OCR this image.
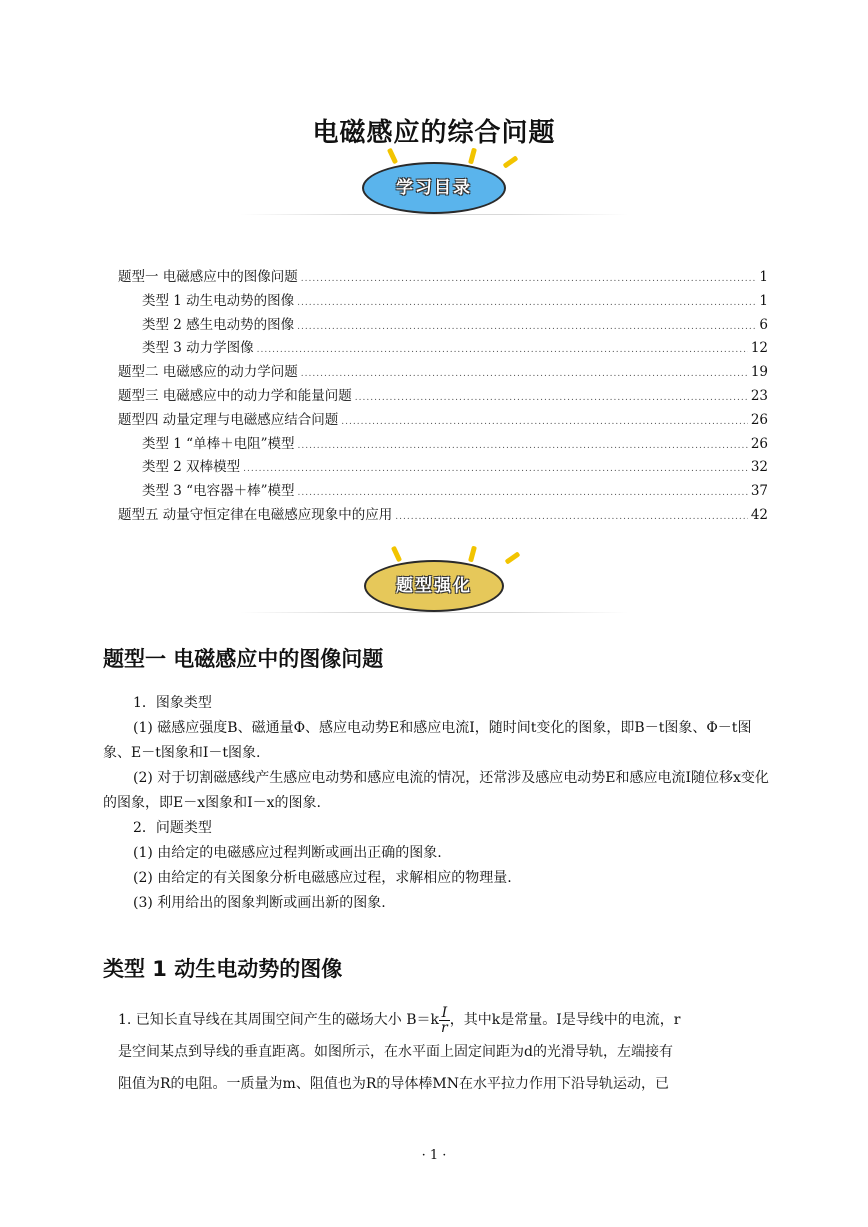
电磁感应的综合问题
学习目录
题型一 电磁感应中的图像问题 .....	1
类型 1 动生电动势的图像 .....	1
类型 2 感生电动势的图像 .....	6
类型 3 动力学图像 .....	12
题型二 电磁感应的动力学问题 .....	19
题型三 电磁感应中的动力学和能量问题 .....	23
题型四 动量定理与电磁感应结合问题 .....	26
类型 1 “单棒＋电阻”模型 .....	26
类型 2 双棒模型 .....	32
类型 3 “电容器＋棒”模型 .....	37
题型五 动量守恒定律在电磁感应现象中的应用 .....	42
题型强化
题型一 电磁感应中的图像问题

1．图象类型

(1) 磁感应强度B、磁通量Φ、感应电动势E和感应电流I，随时间t变化的图象，即B－t图象、Φ－t图象、E－t图象和I－t图象.

(2) 对于切割磁感线产生感应电动势和感应电流的情况，还常涉及感应电动势E和感应电流I随位移x变化的图象，即E－x图象和I－x的图象.

2．问题类型

(1) 由给定的电磁感应过程判断或画出正确的图象.

(2) 由给定的有关图象分析电磁感应过程，求解相应的物理量.

(3) 利用给出的图象判断或画出新的图象.

类型 1 动生电动势的图像
1. 已知长直导线在其周围空间产生的磁场大小 $B=k \frac{I}{r}$ ，其中k是常量。I是导线中的电流，r
是空间某点到导线的垂直距离。如图所示，在水平面上固定间距为d的光滑导轨，左端接有
阻值为R的电阻。一质量为m、阻值也为R的导体棒MN在水平拉力作用下沿导轨运动，已
· 1 ·
